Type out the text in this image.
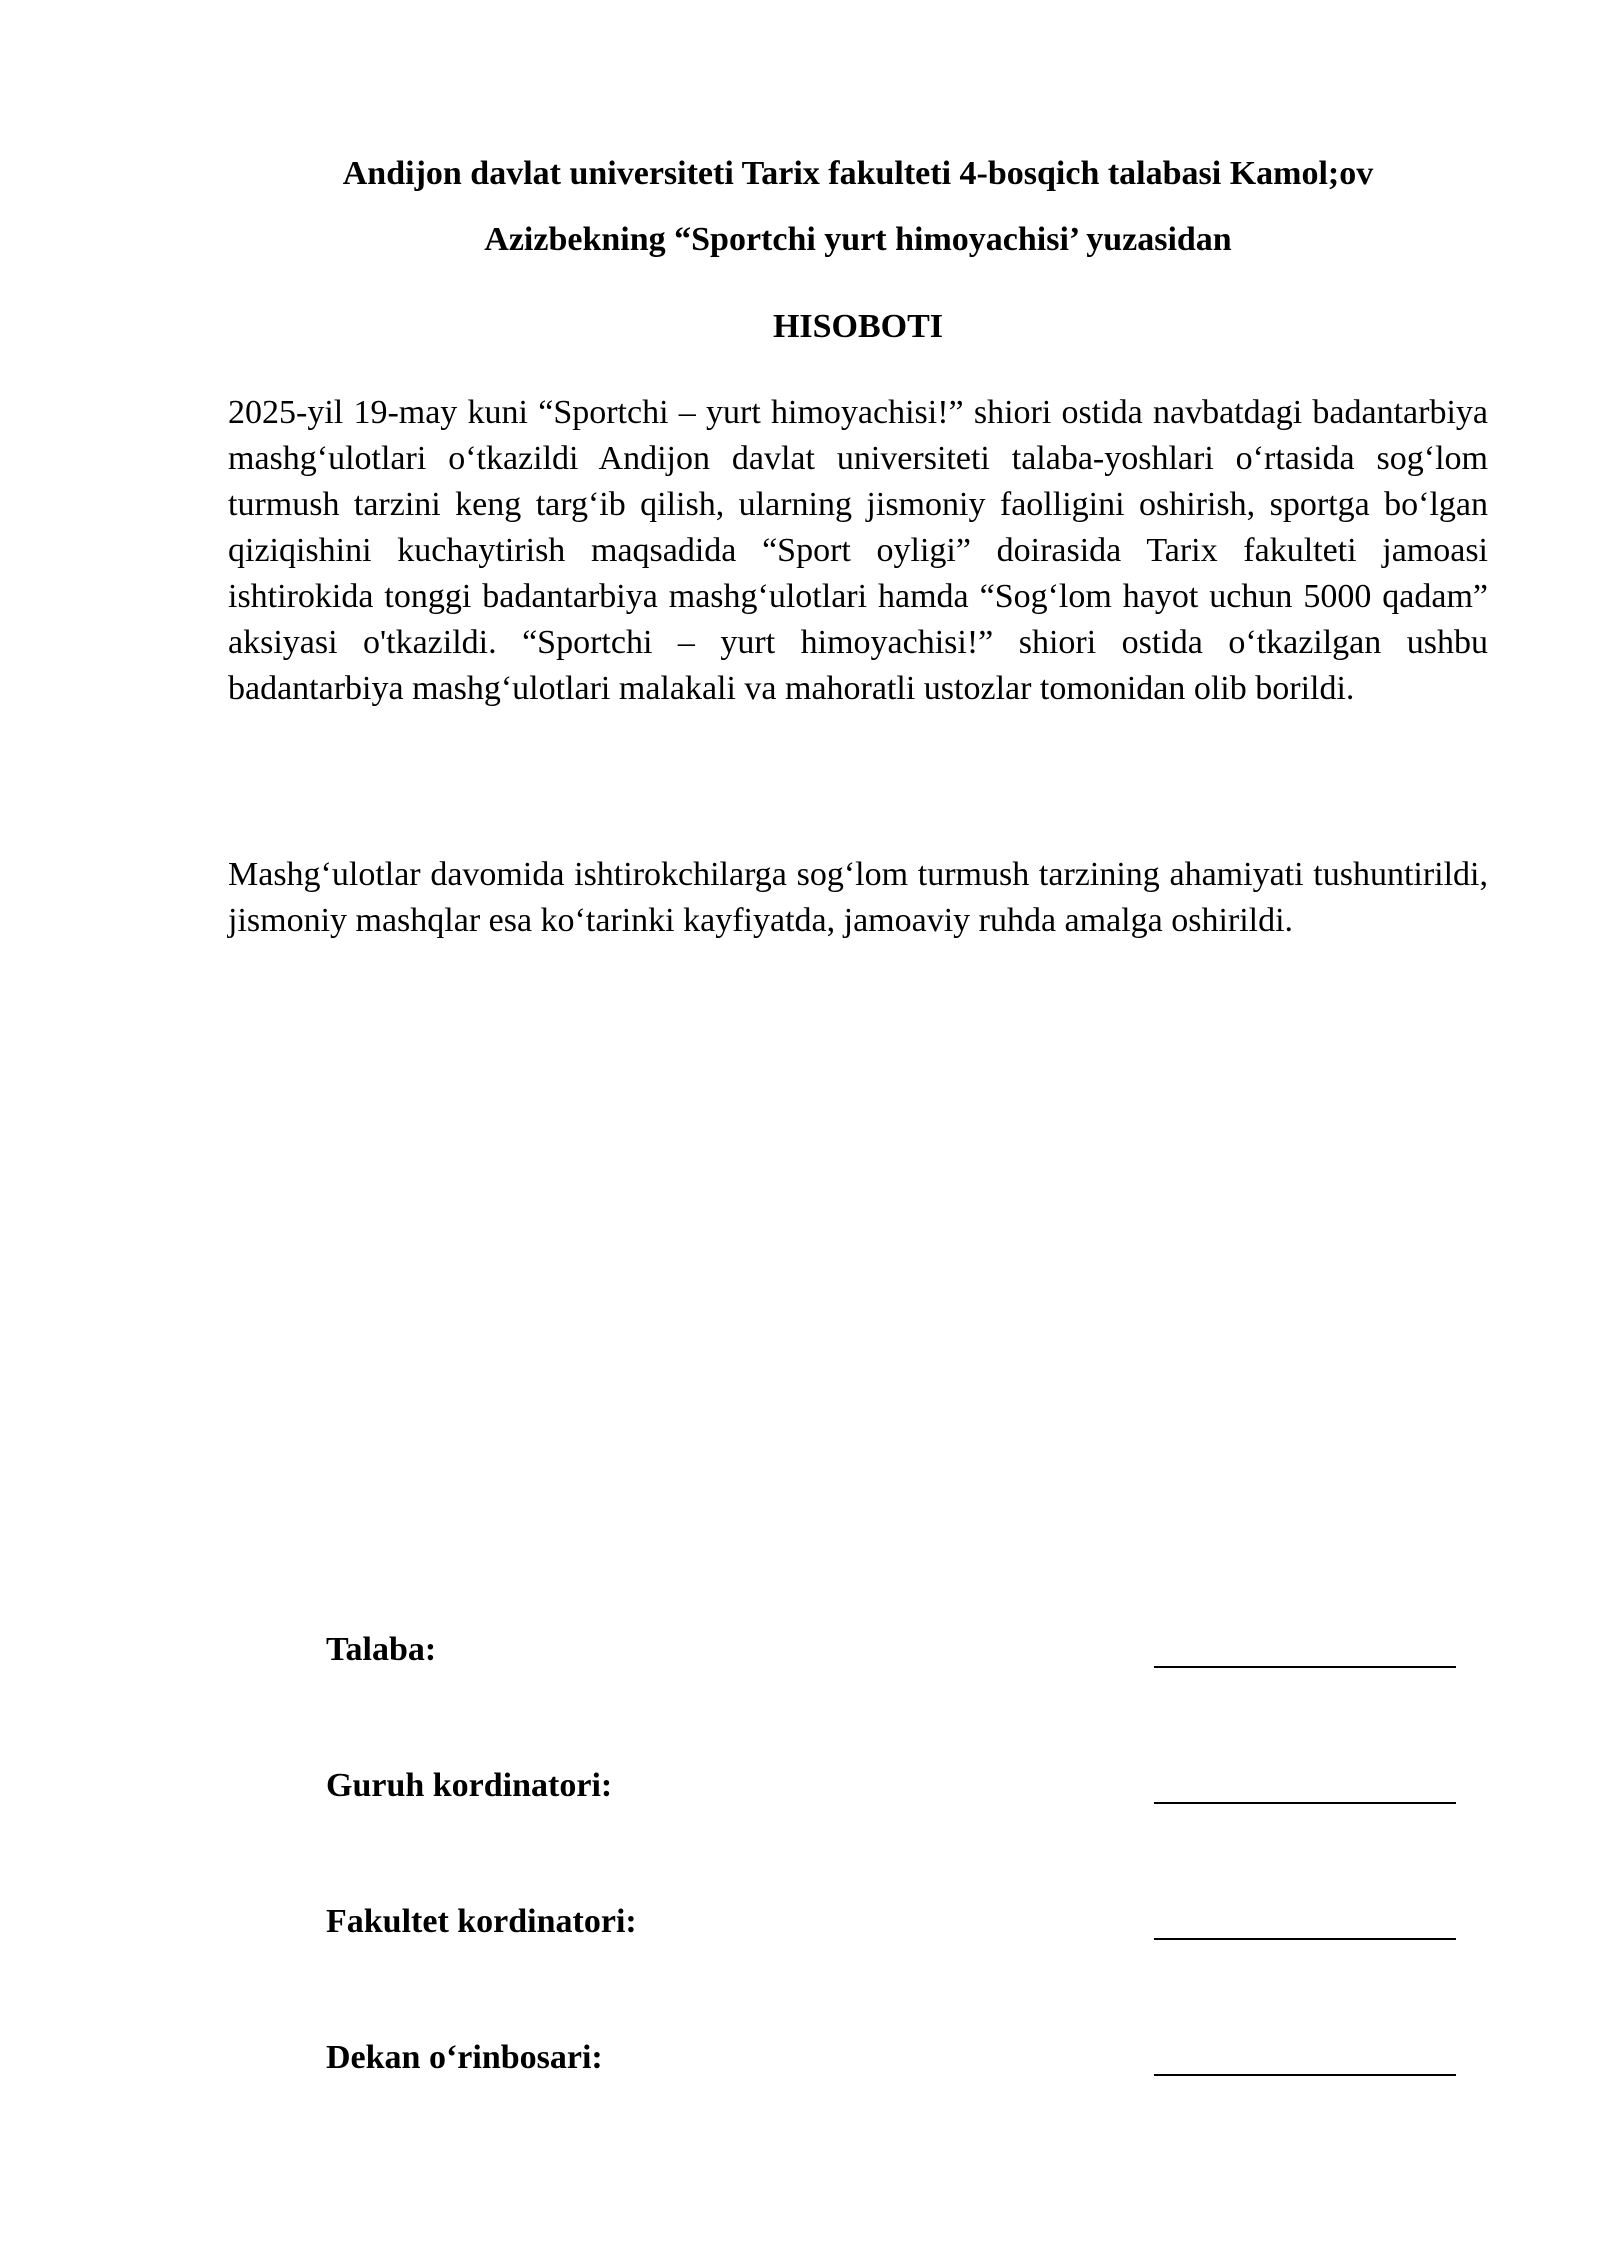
Andijon davlat universiteti Tarix fakulteti 4-bosqich talabasi Kamol;ov
Azizbekning “Sportchi yurt himoyachisi’ yuzasidan
HISOBOTI

2025-yil 19-may kuni “Sportchi – yurt himoyachisi!” shiori ostida navbatdagi badantarbiya mashg‘ulotlari o‘tkazildi Andijon davlat universiteti talaba-yoshlari o‘rtasida sog‘lom turmush tarzini keng targ‘ib qilish, ularning jismoniy faolligini oshirish, sportga bo‘lgan qiziqishini kuchaytirish maqsadida “Sport oyligi” doirasida Tarix fakulteti jamoasi ishtirokida tonggi badantarbiya mashg‘ulotlari hamda “Sog‘lom hayot uchun 5000 qadam” aksiyasi o'tkazildi. “Sportchi – yurt himoyachisi!” shiori ostida o‘tkazilgan ushbu badantarbiya mashg‘ulotlari malakali va mahoratli ustozlar tomonidan olib borildi.

Mashg‘ulotlar davomida ishtirokchilarga sog‘lom turmush tarzining ahamiyati tushuntirildi, jismoniy mashqlar esa ko‘tarinki kayfiyatda, jamoaviy ruhda amalga oshirildi.

Talaba:
Guruh kordinatori:
Fakultet kordinatori:
Dekan o‘rinbosari:
